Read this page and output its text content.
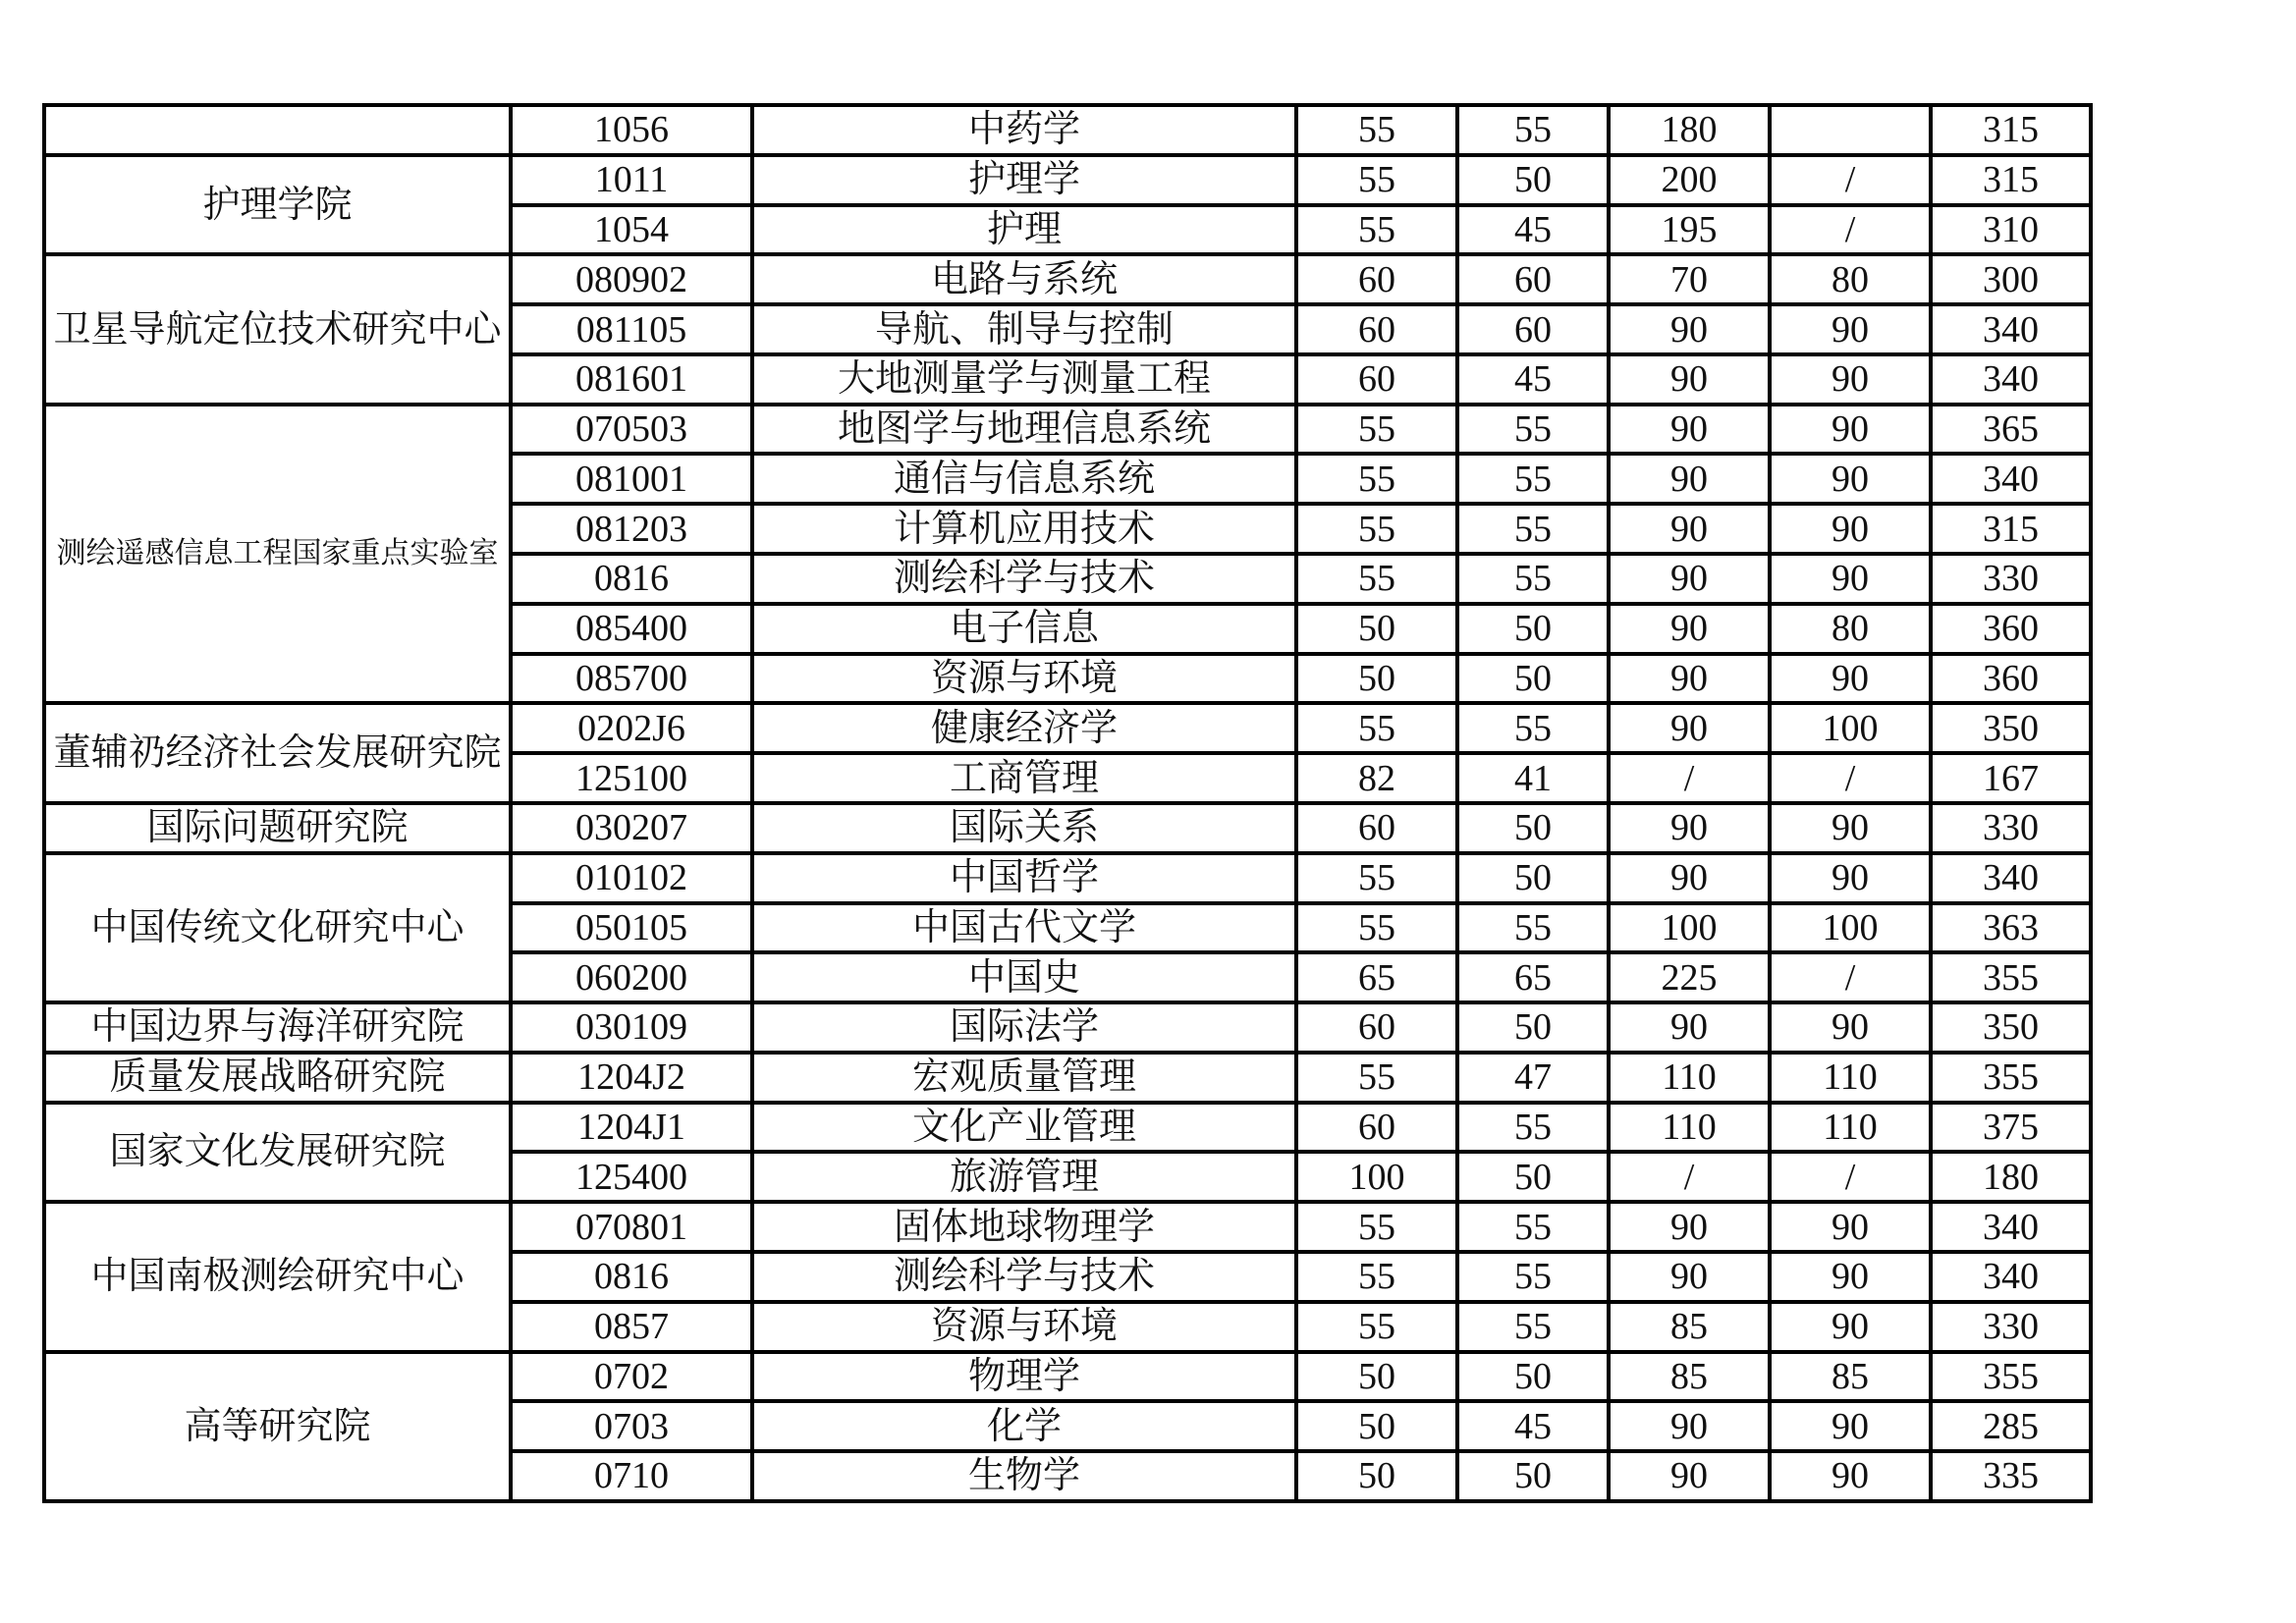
	1056	中药学	55	55	180		315
护理学院	1011	护理学	55	50	200	/	315
	1054	护理	55	45	195	/	310
卫星导航定位技术研究中心	080902	电路与系统	60	60	70	80	300
	081105	导航、制导与控制	60	60	90	90	340
	081601	大地测量学与测量工程	60	45	90	90	340
测绘遥感信息工程国家重点实验室	070503	地图学与地理信息系统	55	55	90	90	365
	081001	通信与信息系统	55	55	90	90	340
	081203	计算机应用技术	55	55	90	90	315
	0816	测绘科学与技术	55	55	90	90	330
	085400	电子信息	50	50	90	80	360
	085700	资源与环境	50	50	90	90	360
董辅礽经济社会发展研究院	0202J6	健康经济学	55	55	90	100	350
	125100	工商管理	82	41	/	/	167
国际问题研究院	030207	国际关系	60	50	90	90	330
中国传统文化研究中心	010102	中国哲学	55	50	90	90	340
	050105	中国古代文学	55	55	100	100	363
	060200	中国史	65	65	225	/	355
中国边界与海洋研究院	030109	国际法学	60	50	90	90	350
质量发展战略研究院	1204J2	宏观质量管理	55	47	110	110	355
国家文化发展研究院	1204J1	文化产业管理	60	55	110	110	375
	125400	旅游管理	100	50	/	/	180
中国南极测绘研究中心	070801	固体地球物理学	55	55	90	90	340
	0816	测绘科学与技术	55	55	90	90	340
	0857	资源与环境	55	55	85	90	330
高等研究院	0702	物理学	50	50	85	85	355
	0703	化学	50	45	90	90	285
	0710	生物学	50	50	90	90	335
